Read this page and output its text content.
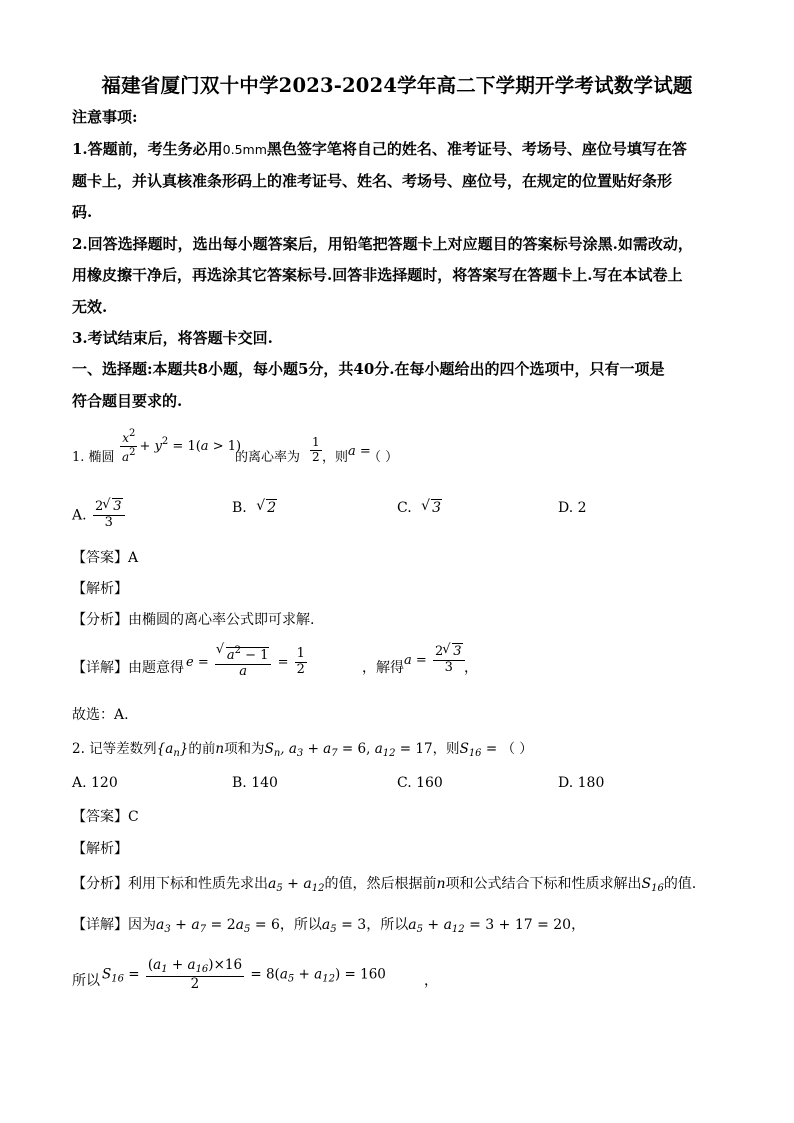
福建省厦门双十中学2023-2024学年高二下学期开学考试数学试题
注意事项:
1.答题前，考生务必用0.5mm黑色签字笔将自己的姓名、准考证号、考场号、座位号填写在答
题卡上，并认真核准条形码上的准考证号、姓名、考场号、座位号，在规定的位置贴好条形
码.
2.回答选择题时，选出每小题答案后，用铅笔把答题卡上对应题目的答案标号涂黑.如需改动，
用橡皮擦干净后，再选涂其它答案标号.回答非选择题时，将答案写在答题卡上.写在本试卷上
无效.
3.考试结束后，将答题卡交回.
一、选择题:本题共8小题，每小题5分，共40分.在每小题给出的四个选项中，只有一项是
符合题目要求的.
1. 椭圆 $\frac{x^2}{a^2} + y^2 = 1(a > 1)$
的离心率为 $\frac{1}{2}$ ，则 a =
（ ）
A. $\frac{2 √ 3}{3}$	B. √ 2	C. √ 3	D. 2
【答案】A
【解析】
【分析】由椭圆的离心率公式即可求解.
【详解】 由题意得 e = √ $\frac{a^2 - 1}{a} = \frac{1}{2}$	，解得 $a = \frac{2 √ 3}{3}$ ，
故选：A.
2. 记等差数列$\{a_n\}$的前n项和为$S_n$, $a_3 + a_7 = 6$, $a_{12} = 17$，则$S_{16}$ = （ ）
A. 120	B. 140	C. 160	D. 180
【答案】C
【解析】
【分析】利用下标和性质先求出$a_5 + a_{12}$的值，然后根据前n项和公式结合下标和性质求解出$S_{16}$的值.
【详解】因为$a_3 + a_7 = 2a_5 = 6$，所以$a_5 = 3$，所以$a_5 + a_{12} = 3 + 17 = 20$，
所以 $S_{16} = \frac{(a_1 + a_{16})\times 16}{2} = 8(a_5 + a_{12}) = 160$	，
